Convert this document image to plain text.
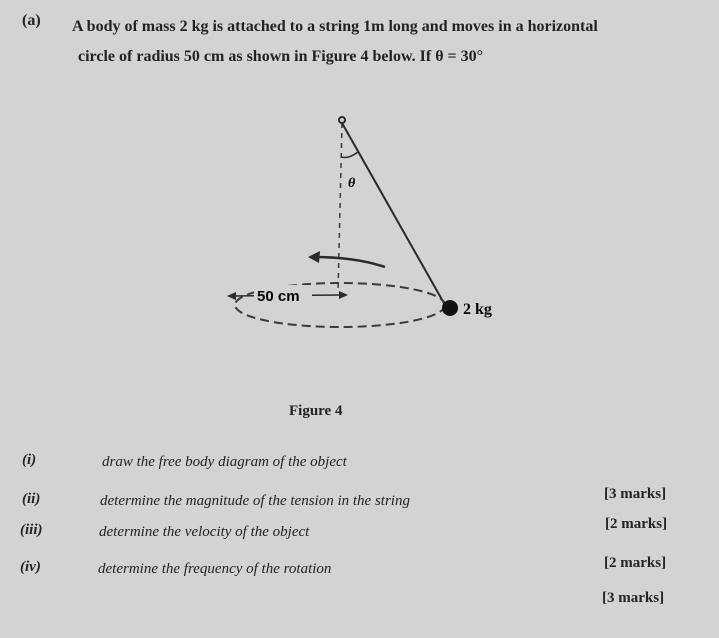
(a) A body of mass 2 kg is attached to a string 1m long and moves in a horizontal
circle of radius 50 cm as shown in Figure 4 below. If θ = 30°
θ
50 cm
2 kg
Figure 4
(i)	draw the free body diagram of the object
[3 marks]
(ii)	determine the magnitude of the tension in the string
[2 marks]
(iii)	determine the velocity of the object
[2 marks]
(iv)	determine the frequency of the rotation
[3 marks]
